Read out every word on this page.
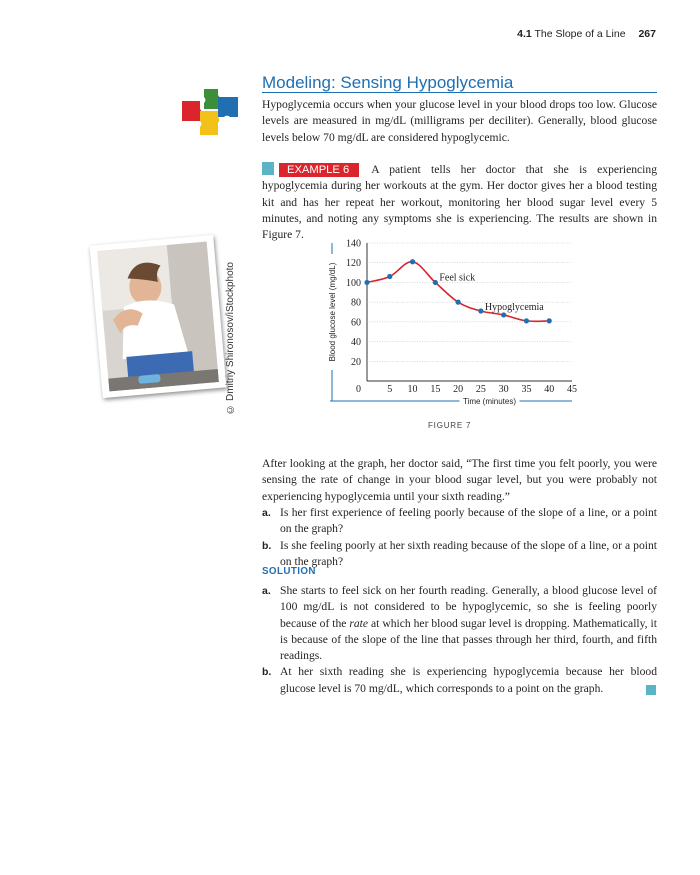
4.1 The Slope of a Line 267
Modeling: Sensing Hypoglycemia
Hypoglycemia occurs when your glucose level in your blood drops too low. Glucose levels are measured in mg/dL (milligrams per deciliter). Generally, blood glucose levels below 70 mg/dL are considered hypoglycemic.
EXAMPLE 6 A patient tells her doctor that she is experiencing hypoglycemia during her workouts at the gym. Her doctor gives her a blood testing kit and has her repeat her workout, monitoring her blood sugar level every 5 minutes, and noting any symptoms she is experiencing. The results are shown in Figure 7.
© Dmitriy Shironosov/iStockphoto	20
40
60
80
100
120
140
5 10 15 20 25 30 35 40 45
0
Feel sick
Hypoglycemia
Blood glucose level (mg/dL)
Time (minutes)
FIGURE 7
After looking at the graph, her doctor said, “The first time you felt poorly, you were sensing the rate of change in your blood sugar level, but you were probably not experiencing hypoglycemia until your sixth reading.”
a. Is her first experience of feeling poorly because of the slope of a line, or a point on the graph?
b. Is she feeling poorly at her sixth reading because of the slope of a line, or a point on the graph?
SOLUTION
a. She starts to feel sick on her fourth reading. Generally, a blood glucose level of 100 mg/dL is not considered to be hypoglycemic, so she is feeling poorly because of the rate at which her blood sugar level is dropping. Mathematically, it is because of the slope of the line that passes through her third, fourth, and fifth readings.
b. At her sixth reading she is experiencing hypoglycemia because her blood glucose level is 70 mg/dL, which corresponds to a point on the graph.
